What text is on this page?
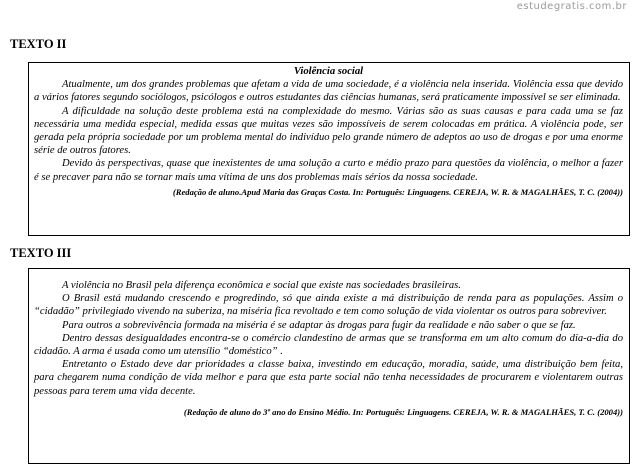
estudegratis.com.br
TEXTO II

Violência social

Atualmente, um dos grandes problemas que afetam a vida de uma sociedade, é a violência nela inserida. Violência essa que devido a vários fatores segundo sociólogos, psicólogos e outros estudantes das ciências humanas, será praticamente impossível se ser eliminada.

A dificuldade na solução deste problema está na complexidade do mesmo. Várias são as suas causas e para cada uma se faz necessária uma medida especial, medida essas que muitas vezes são impossíveis de serem colocadas em prática. A violência pode, ser gerada pela própria sociedade por um problema mental do indivíduo pelo grande número de adeptos ao uso de drogas e por uma enorme série de outros fatores.

Devido às perspectivas, quase que inexistentes de uma solução a curto e médio prazo para questões da violência, o melhor a fazer é se precaver para não se tornar mais uma vítima de uns dos problemas mais sérios da nossa sociedade.

(Redação de aluno.Apud Maria das Graças Costa. In: Português: Linguagens. CEREJA, W. R. & MAGALHÃES, T. C. (2004))

TEXTO III

A violência no Brasil pela diferença econômica e social que existe nas sociedades brasileiras.

O Brasil está mudando crescendo e progredindo, só que ainda existe a má distribuição de renda para as populações. Assim o “cidadão” privilegiado vivendo na suberiza, na miséria fica revoltado e tem como solução de vida violentar os outros para sobreviver.

Para outros a sobrevivência formada na miséria é se adaptar às drogas para fugir da realidade e não saber o que se faz.

Dentro dessas desigualdades encontra-se o comércio clandestino de armas que se transforma em um alto comum do dia-a-dia do cidadão. A arma é usada como um utensílio “doméstico” .

Entretanto o Estado deve dar prioridades a classe baixa, investindo em educação, moradia, saúde, uma distribuição bem feita, para chegarem numa condição de vida melhor e para que esta parte social não tenha necessidades de procurarem e violentarem outras pessoas para terem uma vida decente.

(Redação de aluno do 3º ano do Ensino Médio. In: Português: Linguagens. CEREJA, W. R. & MAGALHÃES, T. C. (2004))
